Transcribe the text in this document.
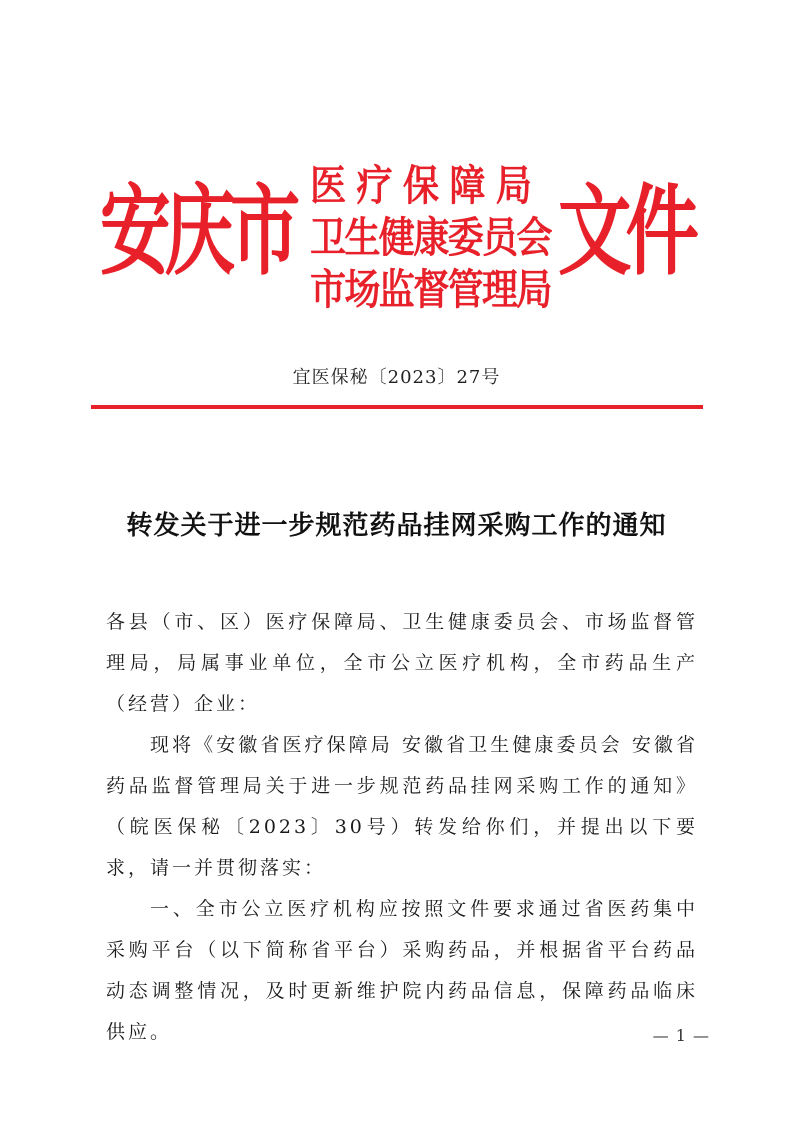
安庆市 医疗保障局
卫生健康委员会
市场监督管理局
文件
宜医保秘〔2023〕27号
转发关于进一步规范药品挂网采购工作的通知

各县（市、区）医疗保障局、卫生健康委员会、市场监督管理局，局属事业单位，全市公立医疗机构，全市药品生产（经营）企业：

现将《安徽省医疗保障局 安徽省卫生健康委员会 安徽省药品监督管理局关于进一步规范药品挂网采购工作的通知》（皖医保秘〔2023〕30号）转发给你们，并提出以下要求，请一并贯彻落实：

一、全市公立医疗机构应按照文件要求通过省医药集中采购平台（以下简称省平台）采购药品，并根据省平台药品动态调整情况，及时更新维护院内药品信息，保障药品临床供应。	— 1 —
